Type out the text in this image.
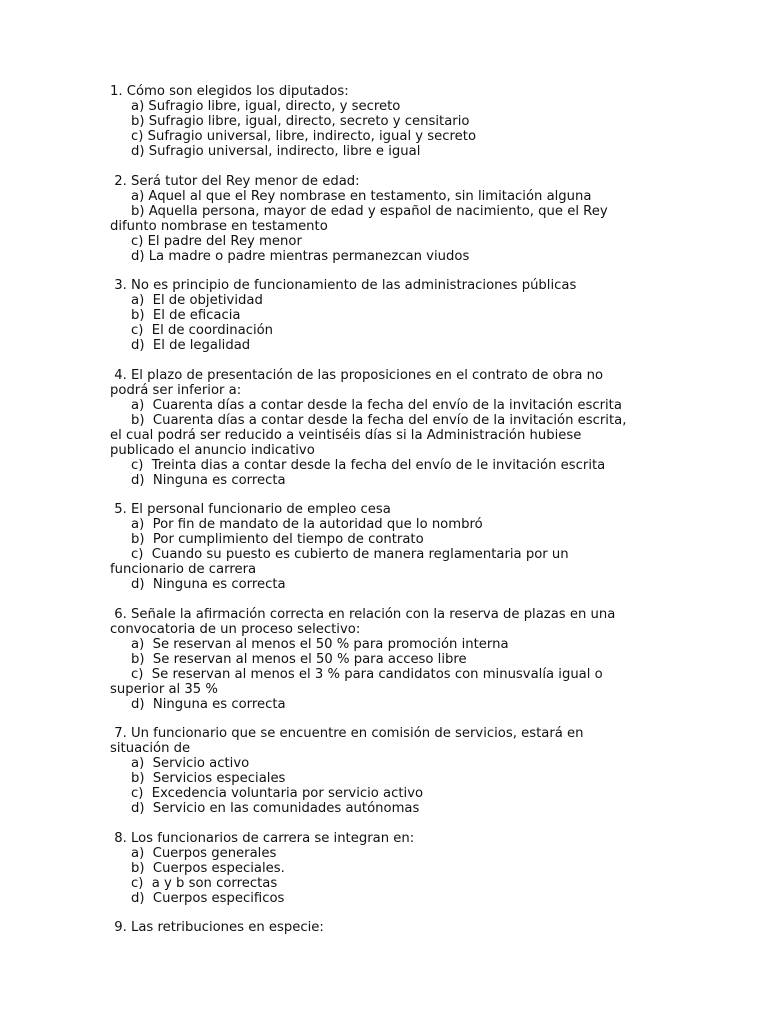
1. Cómo son elegidos los diputados:
a) Sufragio libre, igual, directo, y secreto
b) Sufragio libre, igual, directo, secreto y censitario
c) Sufragio universal, libre, indirecto, igual y secreto
d) Sufragio universal, indirecto, libre e igual
2. Será tutor del Rey menor de edad:
a) Aquel al que el Rey nombrase en testamento, sin limitación alguna
b) Aquella persona, mayor de edad y español de nacimiento, que el Rey
difunto nombrase en testamento
c) El padre del Rey menor
d) La madre o padre mientras permanezcan viudos
3. No es principio de funcionamiento de las administraciones públicas
a)  El de objetividad
b)  El de eficacia
c)  El de coordinación
d)  El de legalidad
4. El plazo de presentación de las proposiciones en el contrato de obra no
podrá ser inferior a:
a)  Cuarenta días a contar desde la fecha del envío de la invitación escrita
b)  Cuarenta días a contar desde la fecha del envío de la invitación escrita,
el cual podrá ser reducido a veintiséis días si la Administración hubiese
publicado el anuncio indicativo
c)  Treinta dias a contar desde la fecha del envío de le invitación escrita
d)  Ninguna es correcta
5. El personal funcionario de empleo cesa
a)  Por fin de mandato de la autoridad que lo nombró
b)  Por cumplimiento del tiempo de contrato
c)  Cuando su puesto es cubierto de manera reglamentaria por un
funcionario de carrera
d)  Ninguna es correcta
6. Señale la afirmación correcta en relación con la reserva de plazas en una
convocatoria de un proceso selectivo:
a)  Se reservan al menos el 50 % para promoción interna
b)  Se reservan al menos el 50 % para acceso libre
c)  Se reservan al menos el 3 % para candidatos con minusvalía igual o
superior al 35 %
d)  Ninguna es correcta
7. Un funcionario que se encuentre en comisión de servicios, estará en
situación de
a)  Servicio activo
b)  Servicios especiales
c)  Excedencia voluntaria por servicio activo
d)  Servicio en las comunidades autónomas
8. Los funcionarios de carrera se integran en:
a)  Cuerpos generales
b)  Cuerpos especiales.
c)  a y b son correctas
d)  Cuerpos especificos
9. Las retribuciones en especie:
